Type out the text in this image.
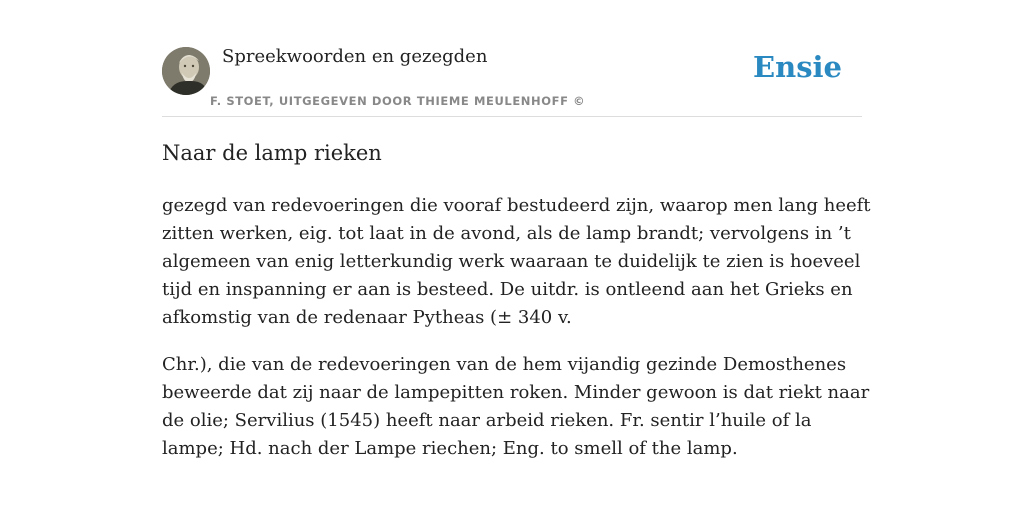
Spreekwoorden en gezegden
F. STOET, UITGEGEVEN DOOR THIEME MEULENHOFF ©
Ensie
Naar de lamp rieken

gezegd van redevoeringen die vooraf bestudeerd zijn, waarop men lang heeft zitten werken, eig. tot laat in de avond, als de lamp brandt; vervolgens in ’t algemeen van enig letterkundig werk waaraan te duidelijk te zien is hoeveel tijd en inspanning er aan is besteed. De uitdr. is ontleend aan het Grieks en afkomstig van de redenaar Pytheas (± 340 v.

Chr.), die van de redevoeringen van de hem vijandig gezinde Demosthenes beweerde dat zij naar de lampepitten roken. Minder gewoon is dat riekt naar de olie; Servilius (1545) heeft naar arbeid rieken. Fr. sentir l’huile of la lampe; Hd. nach der Lampe riechen; Eng. to smell of the lamp.
